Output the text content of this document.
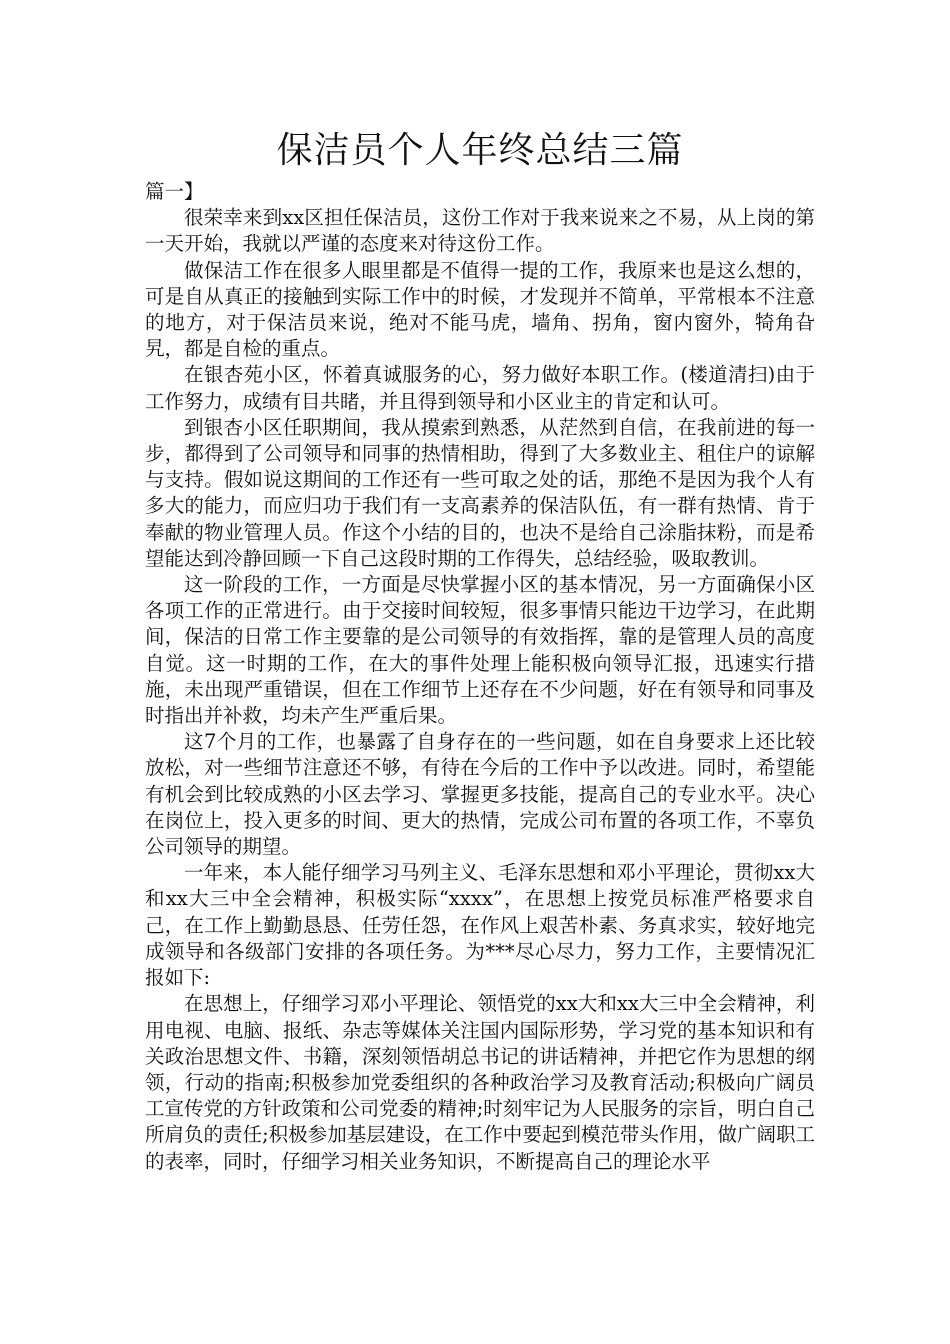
保洁员个人年终总结三篇

篇一】

很荣幸来到xx区担任保洁员，这份工作对于我来说来之不易，从上岗的第一天开始，我就以严谨的态度来对待这份工作。

做保洁工作在很多人眼里都是不值得一提的工作，我原来也是这么想的，可是自从真正的接触到实际工作中的时候，才发现并不简单，平常根本不注意的地方，对于保洁员来说，绝对不能马虎，墙角、拐角，窗内窗外，犄角旮旯，都是自检的重点。

在银杏苑小区，怀着真诚服务的心，努力做好本职工作。(楼道清扫)由于工作努力，成绩有目共睹，并且得到领导和小区业主的肯定和认可。

到银杏小区任职期间，我从摸索到熟悉，从茫然到自信，在我前进的每一步，都得到了公司领导和同事的热情相助，得到了大多数业主、租住户的谅解与支持。假如说这期间的工作还有一些可取之处的话，那绝不是因为我个人有多大的能力，而应归功于我们有一支高素养的保洁队伍，有一群有热情、肯于奉献的物业管理人员。作这个小结的目的，也决不是给自己涂脂抹粉，而是希望能达到冷静回顾一下自己这段时期的工作得失，总结经验，吸取教训。

这一阶段的工作，一方面是尽快掌握小区的基本情况，另一方面确保小区各项工作的正常进行。由于交接时间较短，很多事情只能边干边学习，在此期间，保洁的日常工作主要靠的是公司领导的有效指挥，靠的是管理人员的高度自觉。这一时期的工作，在大的事件处理上能积极向领导汇报，迅速实行措施，未出现严重错误，但在工作细节上还存在不少问题，好在有领导和同事及时指出并补救，均未产生严重后果。

这7个月的工作，也暴露了自身存在的一些问题，如在自身要求上还比较放松，对一些细节注意还不够，有待在今后的工作中予以改进。同时，希望能有机会到比较成熟的小区去学习、掌握更多技能，提高自己的专业水平。决心在岗位上，投入更多的时间、更大的热情，完成公司布置的各项工作，不辜负公司领导的期望。

一年来，本人能仔细学习马列主义、毛泽东思想和邓小平理论，贯彻xx大和xx大三中全会精神，积极实际“xxxx”，在思想上按党员标准严格要求自己，在工作上勤勤恳恳、任劳任怨，在作风上艰苦朴素、务真求实，较好地完成领导和各级部门安排的各项任务。为***尽心尽力，努力工作，主要情况汇报如下:

在思想上，仔细学习邓小平理论、领悟党的xx大和xx大三中全会精神，利用电视、电脑、报纸、杂志等媒体关注国内国际形势，学习党的基本知识和有关政治思想文件、书籍，深刻领悟胡总书记的讲话精神，并把它作为思想的纲领，行动的指南;积极参加党委组织的各种政治学习及教育活动;积极向广阔员工宣传党的方针政策和公司党委的精神;时刻牢记为人民服务的宗旨，明白自己所肩负的责任;积极参加基层建设，在工作中要起到模范带头作用，做广阔职工的表率，同时，仔细学习相关业务知识，不断提高自己的理论水平
